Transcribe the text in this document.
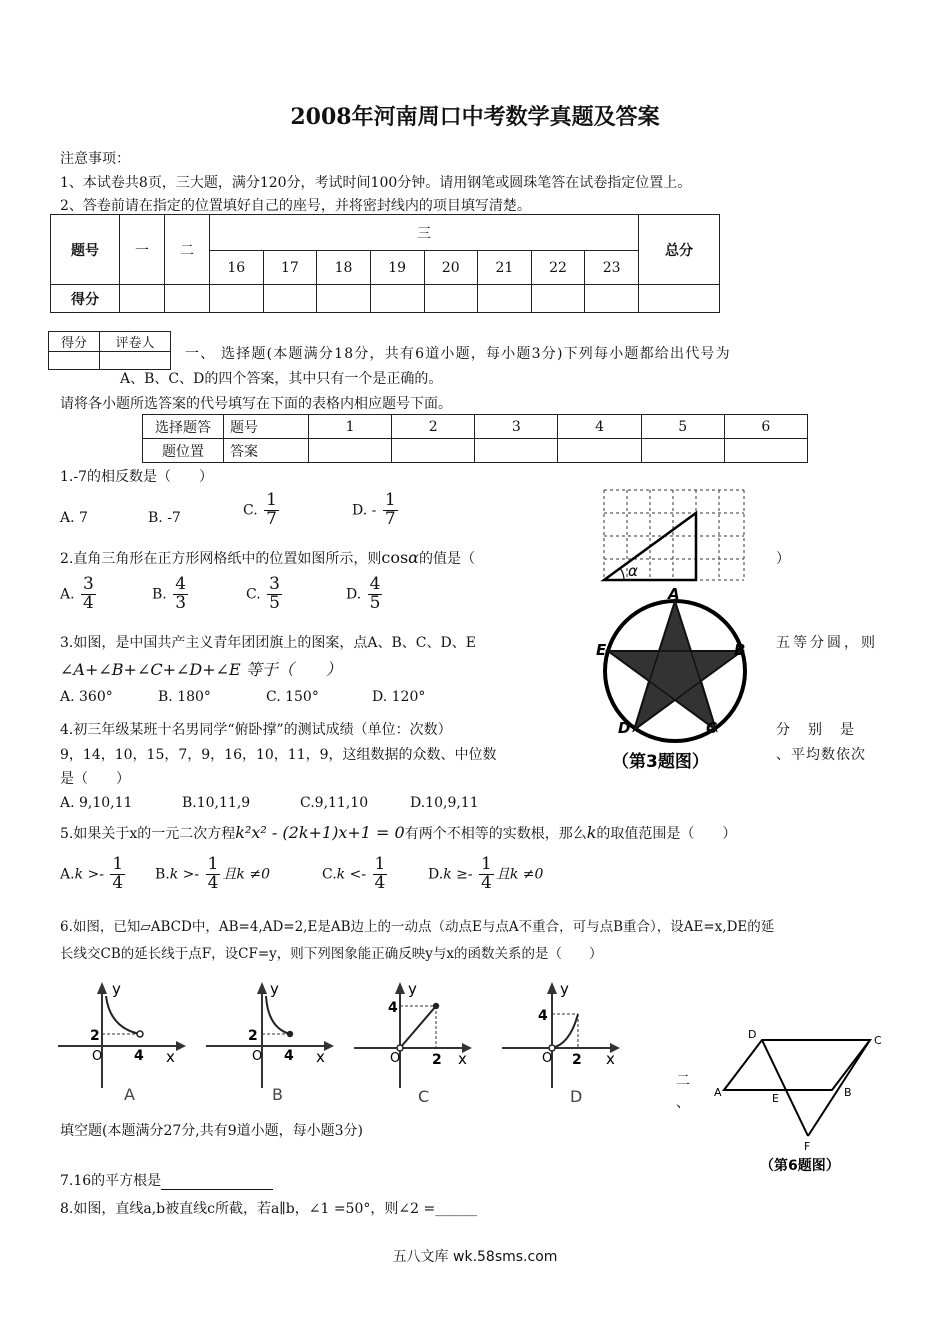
2008年河南周口中考数学真题及答案
注意事项：
1、本试卷共8页，三大题，满分120分，考试时间100分钟。请用钢笔或圆珠笔答在试卷指定位置上。
2、答卷前请在指定的位置填好自己的座号，并将密封线内的项目填写清楚。
题号	一	二	三								总分
			16	17	18	19	20	21	22	23	
得分											
得分	评卷人

一、 选择题(本题满分18分，共有6道小题，每小题3分)下列每小题都给出代号为
A、B、C、D的四个答案，其中只有一个是正确的。
请将各小题所选答案的代号填写在下面的表格内相应题号下面。
选择题答	题号	1	2	3	4	5	6
题位置	答案						
1.-7的相反数是（　　）
A. 7	B. -7	C. $\frac{1}{7}$	D. - $\frac{1}{7}$
2.直角三角形在正方形网格纸中的位置如图所示，则cosα的值是（	）
A. $\frac{3}{4}$	B. $\frac{4}{3}$	C. $\frac{3}{5}$	D. $\frac{4}{5}$
α
3.如图，是中国共产主义青年团团旗上的图案，点A、B、C、D、E	五等分圆，则
∠A+∠B+∠C+∠D+∠E 等于（　　）
A. 360°	B. 180°	C. 150°	D. 120°
A
B
C
D
E
（第3题图）
4.初三年级某班十名男同学“俯卧撑”的测试成绩（单位：次数）	分　别　是
9，14，10，15，7，9，16，10，11，9，这组数据的众数、中位数	、平均数依次
是（　　）
A. 9,10,11	B.10,11,9	C.9,11,10	D.10,9,11
5.如果关于x的一元二次方程k²x² - (2k+1)x+1 = 0有两个不相等的实数根，那么k的取值范围是（　　）
$A.k >- \frac{1}{4} B.k >- \frac{1}{4}$ 且k ≠0	$C.k <- \frac{1}{4}$	$D.k \ge- \frac{1}{4}$ 且k ≠0
6.如图，已知▱ABCD中，AB=4,AD=2,E是AB边上的一动点（动点E与点A不重合，可与点B重合），设AE=x,DE的延
长线交CB的延长线于点F，设CF=y，则下列图象能正确反映y与x的函数关系的是（　　）
y
x
O
2
4
A
y
x
O
2
4
B
y
x
O
4
2
C
y
x
O
4
2
D
D	C
A	E	B
F
（第6题图）
二
、
填空题(本题满分27分,共有9道小题，每小题3分)
7.16的平方根是
8.如图，直线a,b被直线c所截，若a∥b，∠1 =50°，则∠2 =______
五八文库 wk.58sms.com
